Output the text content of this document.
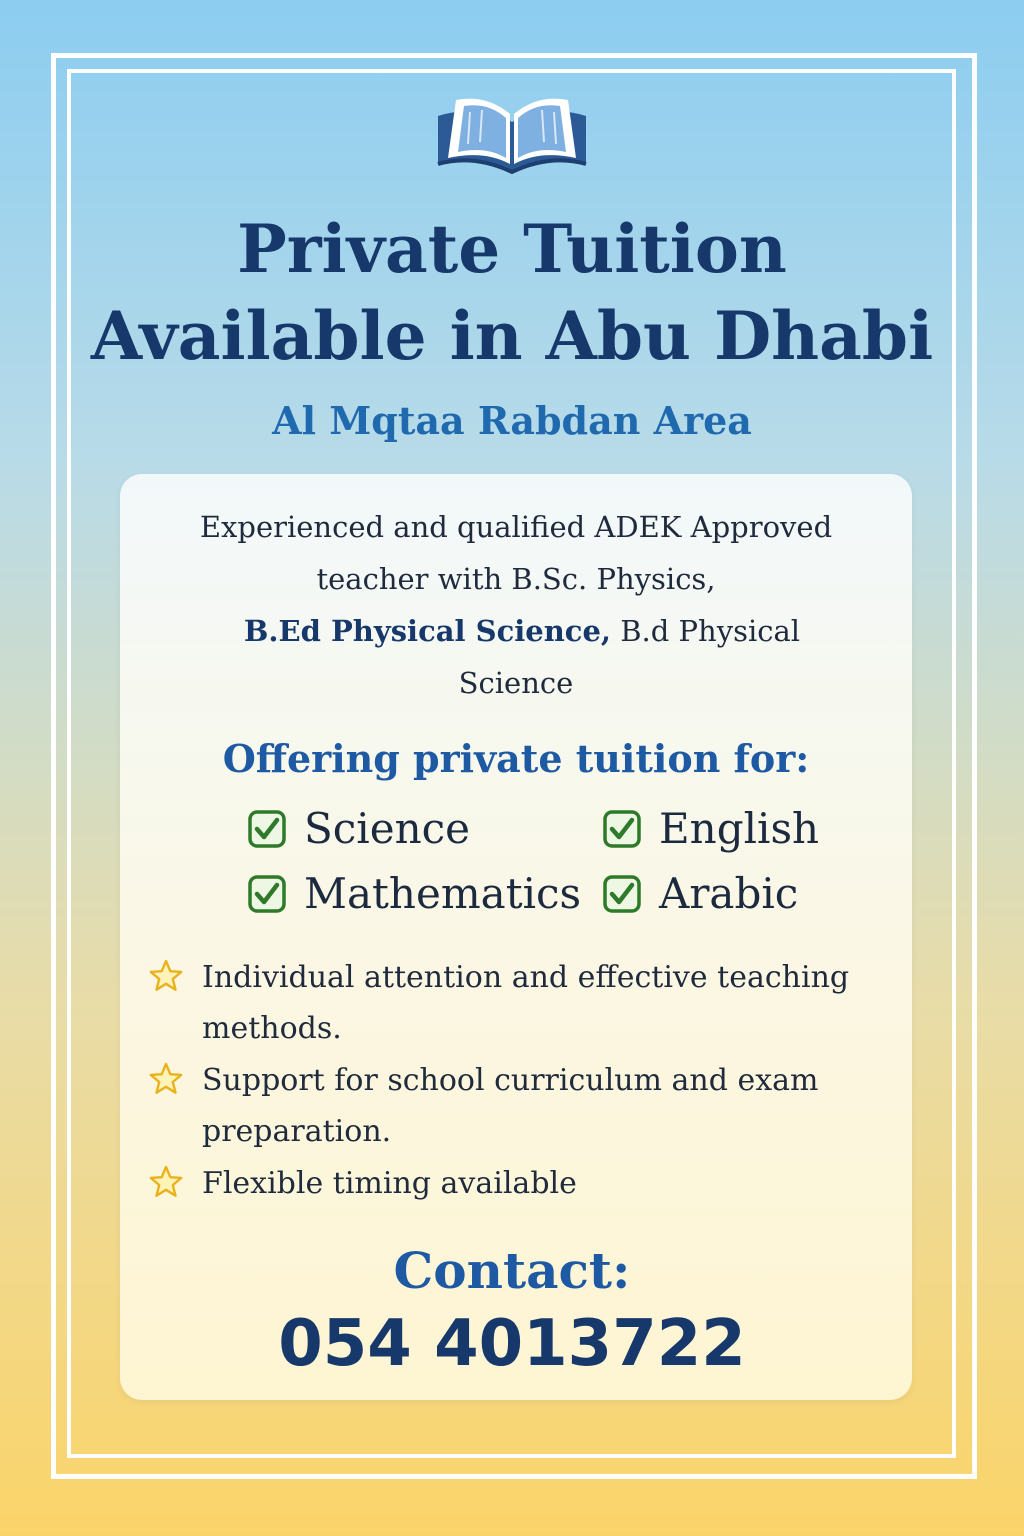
Private Tuition
Available in Abu Dhabi
Al Mqtaa Rabdan Area
Experienced and qualified ADEK Approved
teacher with B.Sc. Physics,
B.Ed Physical Science, B.d Physical
Science
Offering private tuition for:
Science	English
Mathematics Arabic
Individual attention and effective teaching
methods.
Support for school curriculum and exam
preparation.
Flexible timing available
Contact:
054 4013722
